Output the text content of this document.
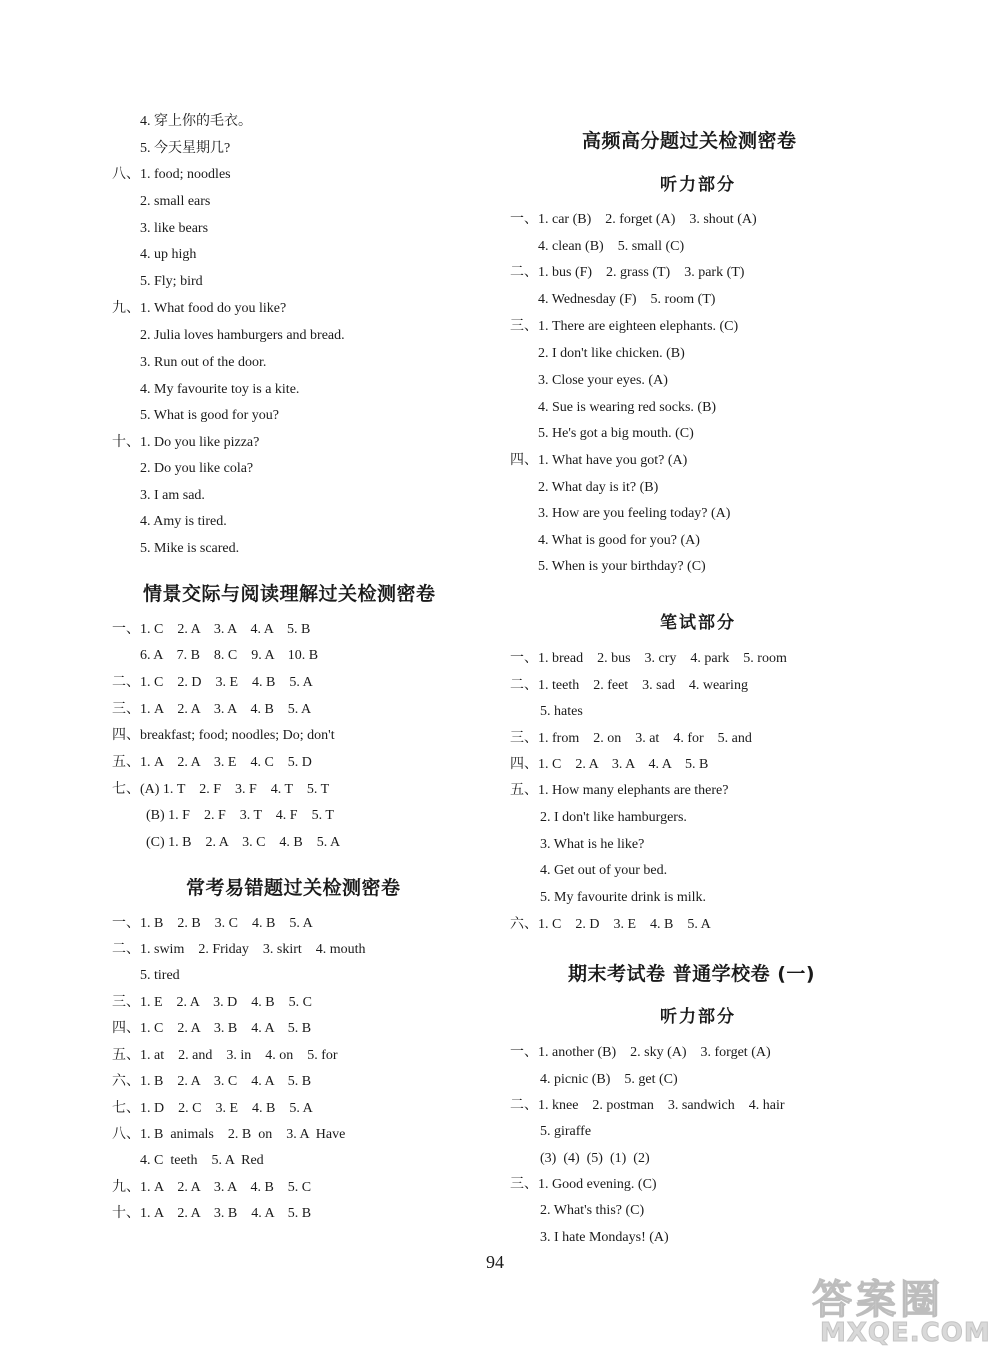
4. 穿上你的毛衣。
5. 今天星期几?
八、1. food; noodles
2. small ears
3. like bears
4. up high
5. Fly; bird
九、1. What food do you like?
2. Julia loves hamburgers and bread.
3. Run out of the door.
4. My favourite toy is a kite.
5. What is good for you?
十、1. Do you like pizza?
2. Do you like cola?
3. I am sad.
4. Amy is tired.
5. Mike is scared.
情景交际与阅读理解过关检测密卷
一、1. C    2. A    3. A    4. A    5. B
6. A    7. B    8. C    9. A    10. B
二、1. C    2. D    3. E    4. B    5. A
三、1. A    2. A    3. A    4. B    5. A
四、breakfast; food; noodles; Do; don't
五、1. A    2. A    3. E    4. C    5. D
七、(A) 1. T    2. F    3. F    4. T    5. T
(B) 1. F    2. F    3. T    4. F    5. T
(C) 1. B    2. A    3. C    4. B    5. A
常考易错题过关检测密卷
一、1. B    2. B    3. C    4. B    5. A
二、1. swim    2. Friday    3. skirt    4. mouth
5. tired
三、1. E    2. A    3. D    4. B    5. C
四、1. C    2. A    3. B    4. A    5. B
五、1. at    2. and    3. in    4. on    5. for
六、1. B    2. A    3. C    4. A    5. B
七、1. D    2. C    3. E    4. B    5. A
八、1. B  animals    2. B  on    3. A  Have
4. C  teeth    5. A  Red
九、1. A    2. A    3. A    4. B    5. C
十、1. A    2. A    3. B    4. A    5. B
高频高分题过关检测密卷
听力部分
一、1. car (B)    2. forget (A)    3. shout (A)
4. clean (B)    5. small (C)
二、1. bus (F)    2. grass (T)    3. park (T)
4. Wednesday (F)    5. room (T)
三、1. There are eighteen elephants. (C)
2. I don't like chicken. (B)
3. Close your eyes. (A)
4. Sue is wearing red socks. (B)
5. He's got a big mouth. (C)
四、1. What have you got? (A)
2. What day is it? (B)
3. How are you feeling today? (A)
4. What is good for you? (A)
5. When is your birthday? (C)
笔试部分
一、1. bread    2. bus    3. cry    4. park    5. room
二、1. teeth    2. feet    3. sad    4. wearing
5. hates
三、1. from    2. on    3. at    4. for    5. and
四、1. C    2. A    3. A    4. A    5. B
五、1. How many elephants are there?
2. I don't like hamburgers.
3. What is he like?
4. Get out of your bed.
5. My favourite drink is milk.
六、1. C    2. D    3. E    4. B    5. A
期末考试卷 普通学校卷 (一)
听力部分
一、1. another (B)    2. sky (A)    3. forget (A)
4. picnic (B)    5. get (C)
二、1. knee    2. postman    3. sandwich    4. hair
5. giraffe
(3)  (4)  (5)  (1)  (2)
三、1. Good evening. (C)
2. What's this? (C)
3. I hate Mondays! (A)
94
答案圈
MXQE.COM
